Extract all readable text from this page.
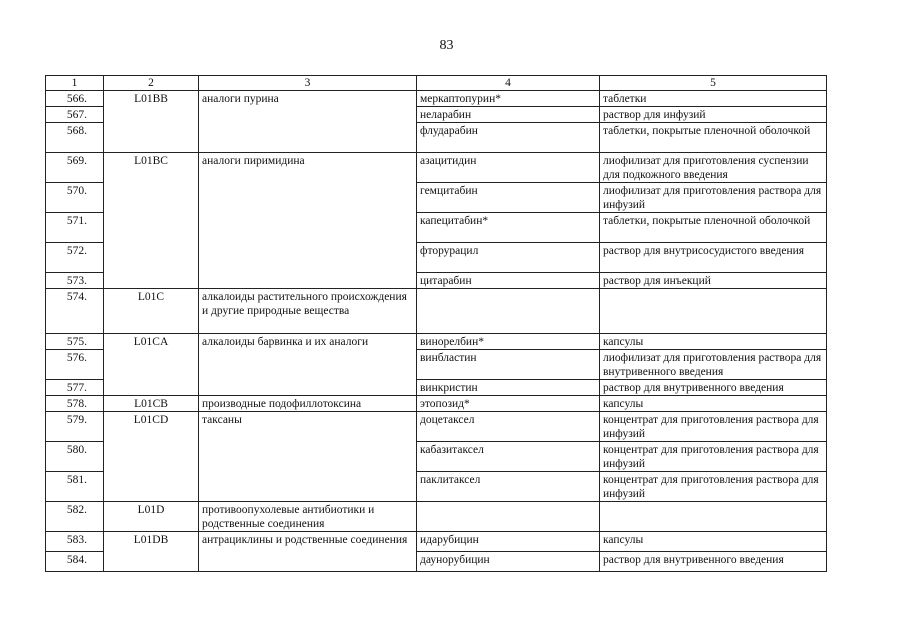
83
1	2	3	4	5
566.	L01BB	аналоги пурина	меркаптопурин*	таблетки
567.			неларабин	раствор для инфузий
568.			флударабин	таблетки, покрытые пленочной оболочкой
569.	L01BC	аналоги пиримидина	азацитидин	лиофилизат для приготовления суспензии для подкожного введения
570.			гемцитабин	лиофилизат для приготовления раствора для инфузий
571.			капецитабин*	таблетки, покрытые пленочной оболочкой
572.			фторурацил	раствор для внутрисосудистого введения
573.			цитарабин	раствор для инъекций
574.	L01C	алкалоиды растительного происхождения и другие природные вещества		
575.	L01CA	алкалоиды барвинка и их аналоги	винорелбин*	капсулы
576.			винбластин	лиофилизат для приготовления раствора для внутривенного введения
577.			винкристин	раствор для внутривенного введения
578.	L01CB	производные подофиллотоксина	этопозид*	капсулы
579.	L01CD	таксаны	доцетаксел	концентрат для приготовления раствора для инфузий
580.			кабазитаксел	концентрат для приготовления раствора для инфузий
581.			паклитаксел	концентрат для приготовления раствора для инфузий
582.	L01D	противоопухолевые антибиотики и родственные соединения		
583.	L01DB	антрациклины и родственные соединения	идарубицин	капсулы
584.			даунорубицин	раствор для внутривенного введения
